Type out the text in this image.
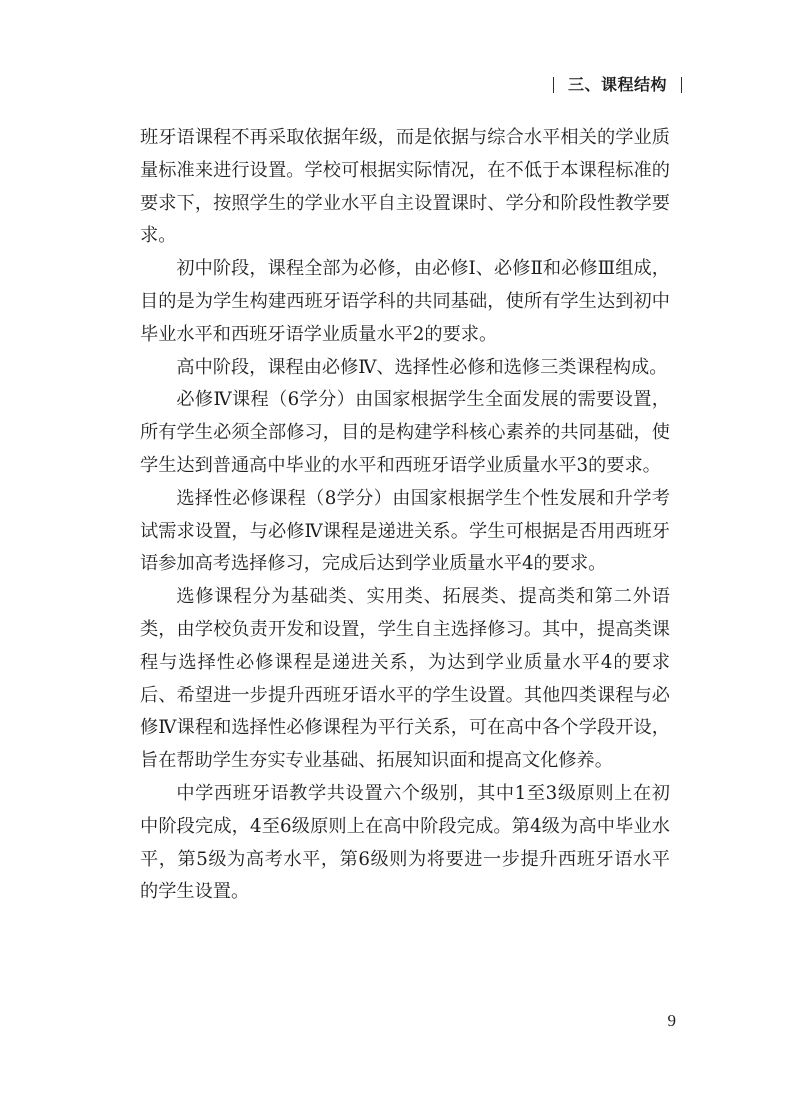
三、课程结构

班牙语课程不再采取依据年级，而是依据与综合水平相关的学业质量标准来进行设置。学校可根据实际情况，在不低于本课程标准的要求下，按照学生的学业水平自主设置课时、学分和阶段性教学要求。

初中阶段，课程全部为必修，由必修Ⅰ、必修Ⅱ和必修Ⅲ组成，目的是为学生构建西班牙语学科的共同基础，使所有学生达到初中毕业水平和西班牙语学业质量水平2的要求。

高中阶段，课程由必修Ⅳ、选择性必修和选修三类课程构成。

必修Ⅳ课程（6学分）由国家根据学生全面发展的需要设置，所有学生必须全部修习，目的是构建学科核心素养的共同基础，使学生达到普通高中毕业的水平和西班牙语学业质量水平3的要求。

选择性必修课程（8学分）由国家根据学生个性发展和升学考试需求设置，与必修Ⅳ课程是递进关系。学生可根据是否用西班牙语参加高考选择修习，完成后达到学业质量水平4的要求。

选修课程分为基础类、实用类、拓展类、提高类和第二外语类，由学校负责开发和设置，学生自主选择修习。其中，提高类课程与选择性必修课程是递进关系，为达到学业质量水平4的要求后、希望进一步提升西班牙语水平的学生设置。其他四类课程与必修Ⅳ课程和选择性必修课程为平行关系，可在高中各个学段开设，旨在帮助学生夯实专业基础、拓展知识面和提高文化修养。

中学西班牙语教学共设置六个级别，其中1至3级原则上在初中阶段完成，4至6级原则上在高中阶段完成。第4级为高中毕业水平，第5级为高考水平，第6级则为将要进一步提升西班牙语水平的学生设置。

9
